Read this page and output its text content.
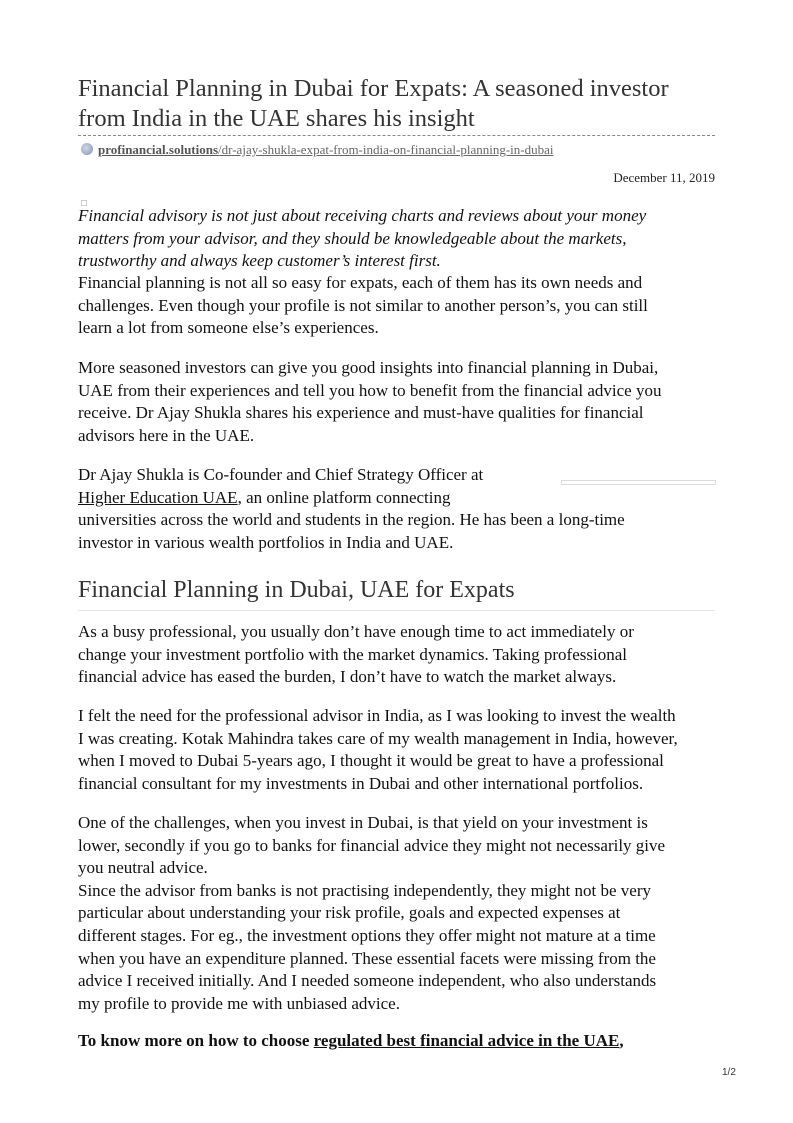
Financial Planning in Dubai for Expats: A seasoned investor
from India in the UAE shares his insight
profinancial.solutions/dr-ajay-shukla-expat-from-india-on-financial-planning-in-dubai
December 11, 2019
Financial advisory is not just about receiving charts and reviews about your money
matters from your advisor, and they should be knowledgeable about the markets,
trustworthy and always keep customer’s interest first.
Financial planning is not all so easy for expats, each of them has its own needs and
challenges. Even though your profile is not similar to another person’s, you can still
learn a lot from someone else’s experiences.
More seasoned investors can give you good insights into financial planning in Dubai,
UAE from their experiences and tell you how to benefit from the financial advice you
receive. Dr Ajay Shukla shares his experience and must-have qualities for financial
advisors here in the UAE.
Dr Ajay Shukla is Co-founder and Chief Strategy Officer at
Higher Education UAE, an online platform connecting
universities across the world and students in the region. He has been a long-time
investor in various wealth portfolios in India and UAE.
Financial Planning in Dubai, UAE for Expats
As a busy professional, you usually don’t have enough time to act immediately or
change your investment portfolio with the market dynamics. Taking professional
financial advice has eased the burden, I don’t have to watch the market always.
I felt the need for the professional advisor in India, as I was looking to invest the wealth
I was creating. Kotak Mahindra takes care of my wealth management in India, however,
when I moved to Dubai 5-years ago, I thought it would be great to have a professional
financial consultant for my investments in Dubai and other international portfolios.
One of the challenges, when you invest in Dubai, is that yield on your investment is
lower, secondly if you go to banks for financial advice they might not necessarily give
you neutral advice.
Since the advisor from banks is not practising independently, they might not be very
particular about understanding your risk profile, goals and expected expenses at
different stages. For eg., the investment options they offer might not mature at a time
when you have an expenditure planned. These essential facets were missing from the
advice I received initially. And I needed someone independent, who also understands
my profile to provide me with unbiased advice.
To know more on how to choose regulated best financial advice in the UAE,
1/2
